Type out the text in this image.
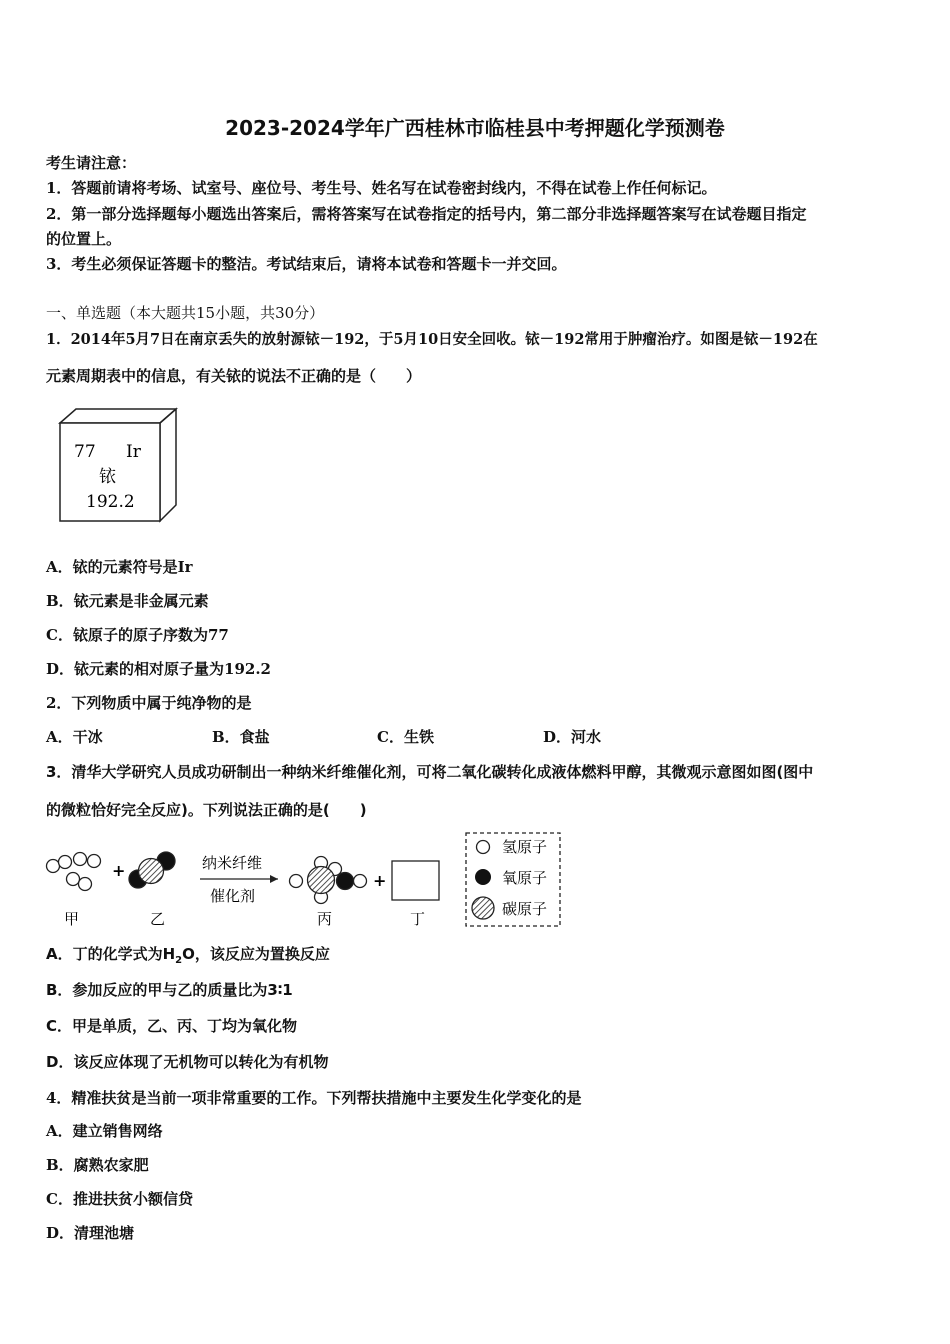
2023-2024学年广西桂林市临桂县中考押题化学预测卷
考生请注意：
1．答题前请将考场、试室号、座位号、考生号、姓名写在试卷密封线内，不得在试卷上作任何标记。
2．第一部分选择题每小题选出答案后，需将答案写在试卷指定的括号内，第二部分非选择题答案写在试卷题目指定
的位置上。
3．考生必须保证答题卡的整洁。考试结束后，请将本试卷和答题卡一并交回。
一、单选题（本大题共15小题，共30分）
1．2014年5月7日在南京丢失的放射源铱－192，于5月10日安全回收。铱－192常用于肿瘤治疗。如图是铱－192在
元素周期表中的信息，有关铱的说法不正确的是（　　）
77 Ir
铱
192.2
A．铱的元素符号是Ir
B．铱元素是非金属元素
C．铱原子的原子序数为77
D．铱元素的相对原子量为192.2
2．下列物质中属于纯净物的是
A．干冰	B．食盐	C．生铁	D．河水
3．清华大学研究人员成功研制出一种纳米纤维催化剂，可将二氧化碳转化成液体燃料甲醇，其微观示意图如图(图中
的微粒恰好完全反应)。下列说法正确的是(　　)
+	纳米纤维
催化剂
+
甲	乙	丙	丁
氢原子
氧原子
碳原子
A．丁的化学式为$H_2O$，该反应为置换反应
B．参加反应的甲与乙的质量比为3∶1
C．甲是单质，乙、丙、丁均为氧化物
D．该反应体现了无机物可以转化为有机物
4．精准扶贫是当前一项非常重要的工作。下列帮扶措施中主要发生化学变化的是
A．建立销售网络
B．腐熟农家肥
C．推进扶贫小额信贷
D．清理池塘
